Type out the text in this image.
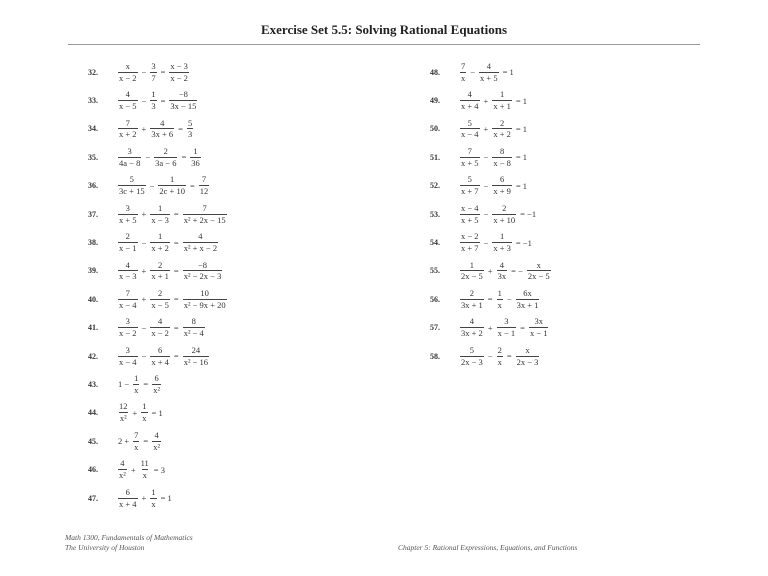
Exercise Set 5.5: Solving Rational Equations
32.	$\frac{x}{x - 2} - \frac{3}{7} = \frac{x - 3}{x - 2}$
33.	$\frac{4}{x - 5} - \frac{1}{3} = \frac{-8}{3x - 15}$
34.	$\frac{7}{x + 2} + \frac{4}{3x + 6} = \frac{5}{3}$
35.	$\frac{3}{4a - 8} - \frac{2}{3a - 6} = \frac{1}{36}$
36.	$\frac{5}{3c + 15} - \frac{1}{2c + 10} = \frac{7}{12}$
37.	$\frac{3}{x + 5} + \frac{1}{x - 3} = \frac{7}{\text{x² + 2x − 15}}$
38.	$\frac{2}{x - 1} - \frac{1}{x + 2} = \frac{4}{\text{x² + x − 2}}$
39.	$\frac{4}{x - 3} + \frac{2}{x + 1} = \frac{-8}{\text{x² − 2x − 3}}$
40.	$\frac{7}{x - 4} + \frac{2}{x - 5} = \frac{10}{\text{x² − 9x + 20}}$
41.	$\frac{3}{x - 2} - \frac{4}{x - 2} = \frac{8}{\text{x² − 4}}$
42.	$\frac{3}{x - 4} - \frac{6}{x + 4} = \frac{24}{\text{x² − 16}}$
43.	$1 - \frac{1}{x} = \frac{6}{\text{x²}}$
44.	$\frac{12}{\text{x²}} + \frac{1}{x} = 1$
45.	$2 + \frac{7}{x} = \frac{4}{\text{x²}}$
46.	$\frac{4}{\text{x²}} + \frac{11}{x} = 3$
47.	$\frac{6}{x + 4} + \frac{1}{x} = 1$
48.	$\frac{7}{x} - \frac{4}{x + 5} = 1$
49.	$\frac{4}{x + 4} + \frac{1}{x + 1} = 1$
50.	$\frac{5}{x - 4} + \frac{2}{x + 2} = 1$
51.	$\frac{7}{x + 5} - \frac{8}{x - 8} = 1$
52.	$\frac{5}{x + 7} - \frac{6}{x + 9} = 1$
53.	$\frac{x - 4}{x + 5} - \frac{2}{x + 10} = -1$
54.	$\frac{x - 2}{x + 7} - \frac{1}{x + 3} = -1$
55.	$\frac{1}{2x - 5} + \frac{4}{3x}$ = − $\frac{x}{2x - 5}$
56.	$\frac{2}{3x + 1} = \frac{1}{x} - \frac{6x}{3x + 1}$
57.	$\frac{4}{3x + 2} + \frac{3}{x - 1} = \frac{3x}{x - 1}$
58.	$\frac{5}{2x - 3} - \frac{2}{x} = \frac{x}{2x - 3}$
Math 1300, Fundamentals of Mathematics
The University of Houston	Chapter 5: Rational Expressions, Equations, and Functions
